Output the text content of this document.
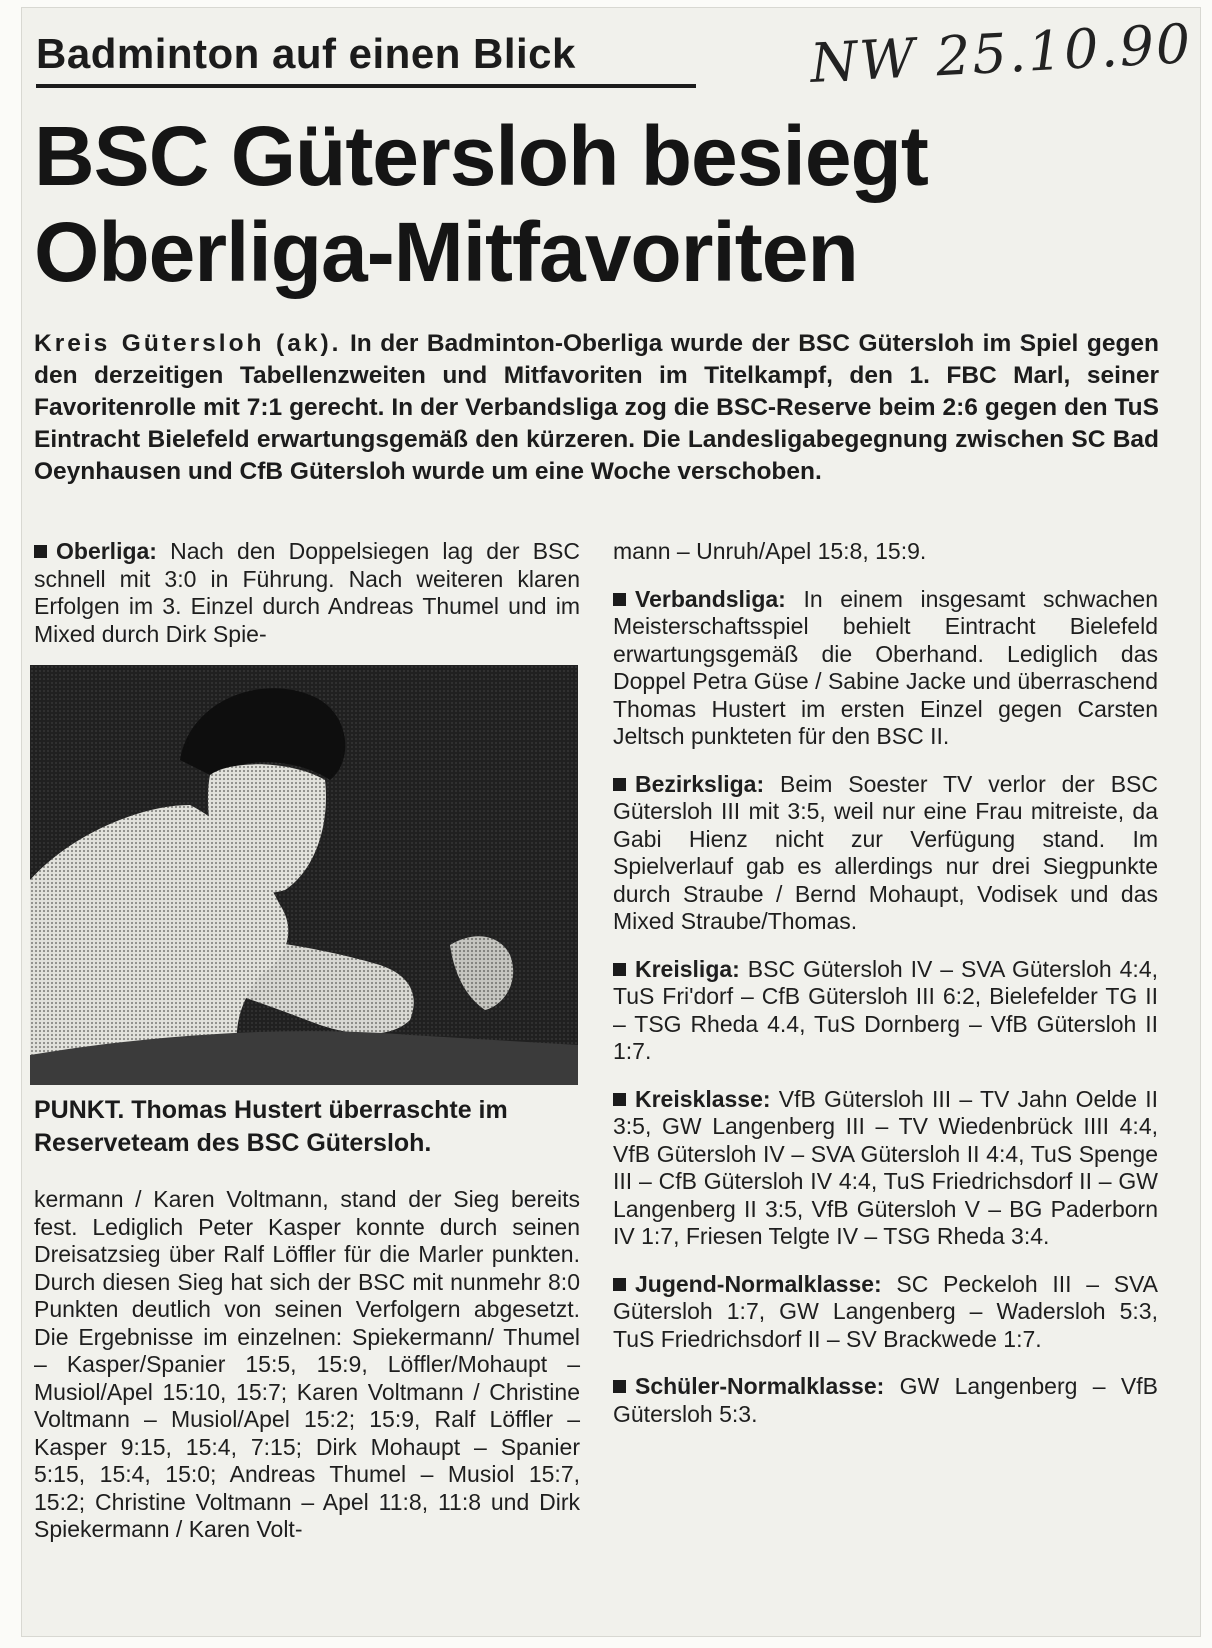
Badminton auf einen Blick	NW 25.10.90
BSC Gütersloh besiegt Oberliga-Mitfavoriten
Kreis Gütersloh (ak). In der Badminton-Oberliga wurde der BSC Gütersloh im Spiel gegen den derzeitigen Tabellenzweiten und Mitfavoriten im Titelkampf, den 1. FBC Marl, seiner Favoritenrolle mit 7:1 gerecht. In der Verbandsliga zog die BSC-Reserve beim 2:6 gegen den TuS Eintracht Bielefeld erwartungsgemäß den kürzeren. Die Landesligabegegnung zwischen SC Bad Oeynhausen und CfB Gütersloh wurde um eine Woche verschoben.

Oberliga: Nach den Doppelsiegen lag der BSC schnell mit 3:0 in Führung. Nach weiteren klaren Erfolgen im 3. Einzel durch Andreas Thumel und im Mixed durch Dirk Spie-

PUNKT. Thomas Hustert überraschte im Reserveteam des BSC Gütersloh.

kermann / Karen Voltmann, stand der Sieg bereits fest. Lediglich Peter Kasper konnte durch seinen Dreisatzsieg über Ralf Löffler für die Marler punkten. Durch diesen Sieg hat sich der BSC mit nunmehr 8:0 Punkten deutlich von seinen Verfolgern abgesetzt. Die Ergebnisse im einzelnen: Spiekermann/ Thumel – Kasper/Spanier 15:5, 15:9, Löffler/Mohaupt – Musiol/Apel 15:10, 15:7; Karen Voltmann / Christine Voltmann – Musiol/Apel 15:2; 15:9, Ralf Löffler – Kasper 9:15, 15:4, 7:15; Dirk Mohaupt – Spanier 5:15, 15:4, 15:0; Andreas Thumel – Musiol 15:7, 15:2; Christine Voltmann – Apel 11:8, 11:8 und Dirk Spiekermann / Karen Volt-

mann – Unruh/Apel 15:8, 15:9.

Verbandsliga: In einem insgesamt schwachen Meisterschaftsspiel behielt Eintracht Bielefeld erwartungsgemäß die Oberhand. Lediglich das Doppel Petra Güse / Sabine Jacke und überraschend Thomas Hustert im ersten Einzel gegen Carsten Jeltsch punkteten für den BSC II.

Bezirksliga: Beim Soester TV verlor der BSC Gütersloh III mit 3:5, weil nur eine Frau mitreiste, da Gabi Hienz nicht zur Verfügung stand. Im Spielverlauf gab es allerdings nur drei Siegpunkte durch Straube / Bernd Mohaupt, Vodisek und das Mixed Straube/Thomas.

Kreisliga: BSC Gütersloh IV – SVA Gütersloh 4:4, TuS Fri'dorf – CfB Gütersloh III 6:2, Bielefelder TG II – TSG Rheda 4.4, TuS Dornberg – VfB Gütersloh II 1:7.

Kreisklasse: VfB Gütersloh III – TV Jahn Oelde II 3:5, GW Langenberg III – TV Wiedenbrück IIII 4:4, VfB Gütersloh IV – SVA Gütersloh II 4:4, TuS Spenge III – CfB Gütersloh IV 4:4, TuS Friedrichsdorf II – GW Langenberg II 3:5, VfB Gütersloh V – BG Paderborn IV 1:7, Friesen Telgte IV – TSG Rheda 3:4.

Jugend-Normalklasse: SC Peckeloh III – SVA Gütersloh 1:7, GW Langenberg – Wadersloh 5:3, TuS Friedrichsdorf II – SV Brackwede 1:7.

Schüler-Normalklasse: GW Langenberg – VfB Gütersloh 5:3.
